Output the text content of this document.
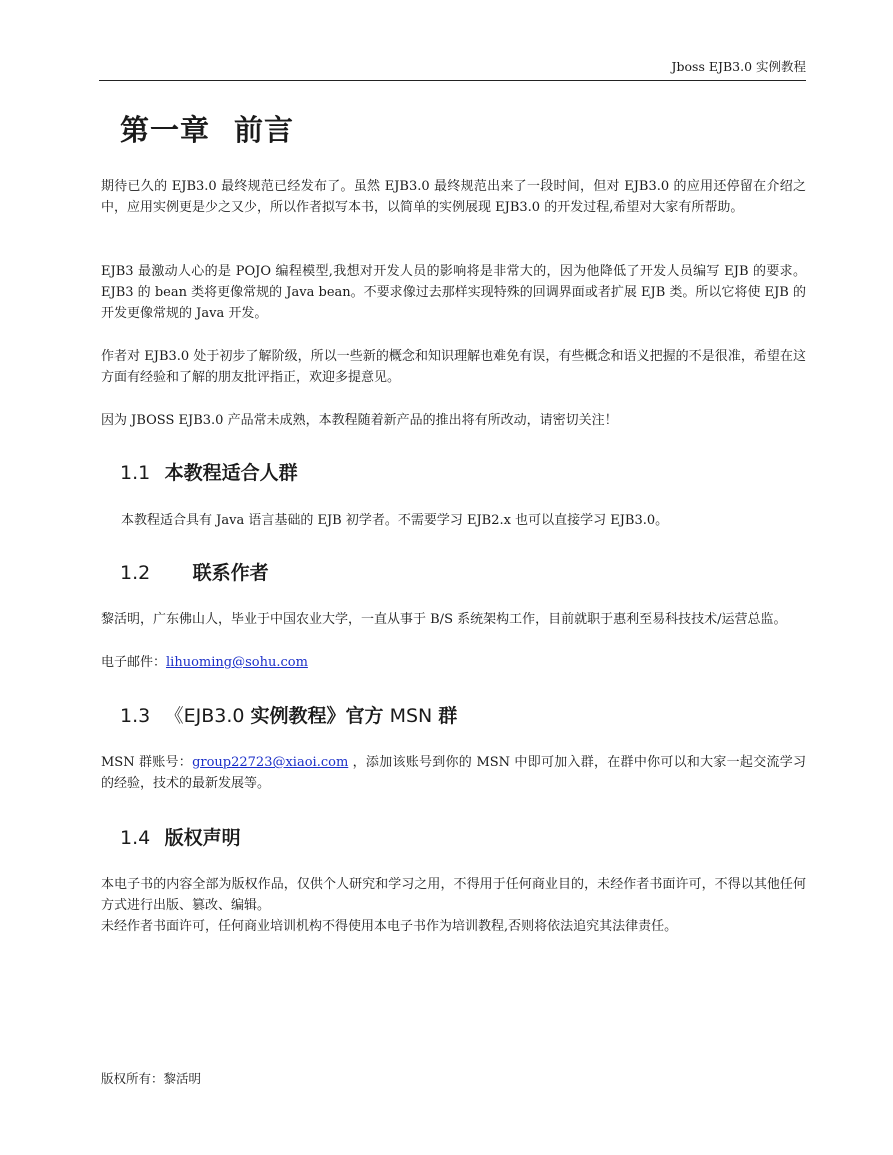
Jboss EJB3.0 实例教程
第一章 前言

期待已久的 EJB3.0 最终规范已经发布了。虽然 EJB3.0 最终规范出来了一段时间，但对 EJB3.0 的应用还停留在介绍之中，应用实例更是少之又少，所以作者拟写本书，以简单的实例展现 EJB3.0 的开发过程,希望对大家有所帮助。

EJB3 最激动人心的是 POJO 编程模型,我想对开发人员的影响将是非常大的，因为他降低了开发人员编写 EJB 的要求。EJB3 的 bean 类将更像常规的 Java bean。不要求像过去那样实现特殊的回调界面或者扩展 EJB 类。所以它将使 EJB 的开发更像常规的 Java 开发。

作者对 EJB3.0 处于初步了解阶级，所以一些新的概念和知识理解也难免有误，有些概念和语义把握的不是很准，希望在这方面有经验和了解的朋友批评指正，欢迎多提意见。

因为 JBOSS EJB3.0 产品常未成熟，本教程随着新产品的推出将有所改动，请密切关注！

1.1 本教程适合人群

本教程适合具有 Java 语言基础的 EJB 初学者。不需要学习 EJB2.x 也可以直接学习 EJB3.0。

1.2 联系作者

黎活明，广东佛山人，毕业于中国农业大学，一直从事于 B/S 系统架构工作，目前就职于惠利至易科技技术/运营总监。

电子邮件：lihuoming@sohu.com

1.3 《EJB3.0 实例教程》官方 MSN 群

MSN 群账号：group22723@xiaoi.com ，添加该账号到你的 MSN 中即可加入群，在群中你可以和大家一起交流学习的经验，技术的最新发展等。

1.4 版权声明

本电子书的内容全部为版权作品，仅供个人研究和学习之用，不得用于任何商业目的，未经作者书面许可，不得以其他任何方式进行出版、篡改、编辑。

未经作者书面许可，任何商业培训机构不得使用本电子书作为培训教程,否则将依法追究其法律责任。

版权所有：黎活明
